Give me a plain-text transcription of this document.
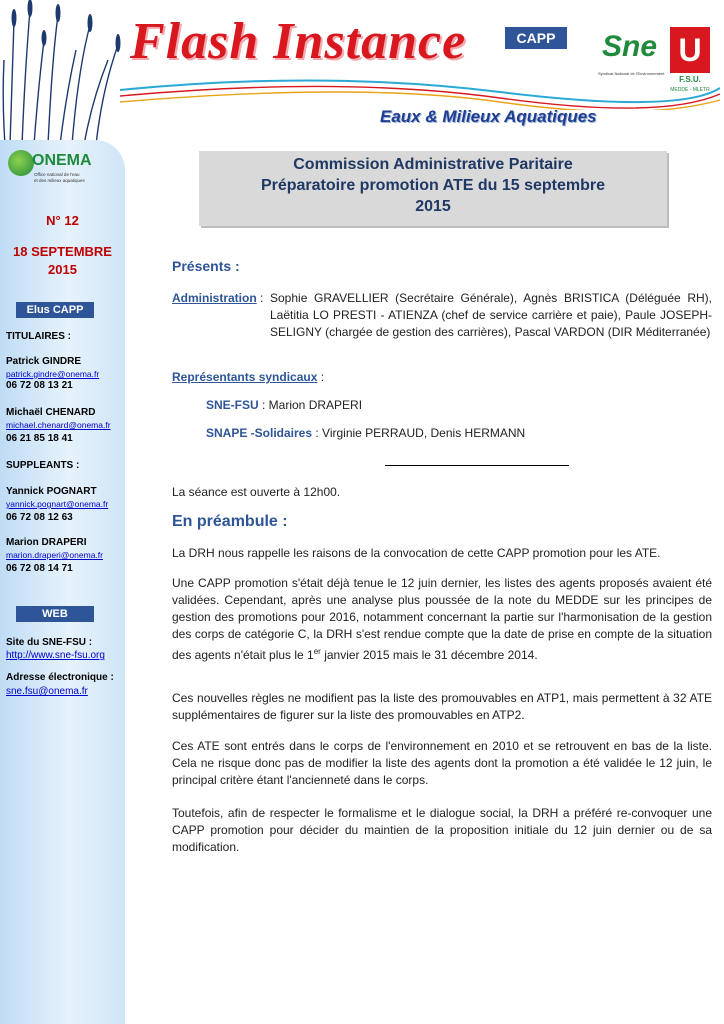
Flash Instance
Eaux & Milieux Aquatiques
CAPP	Sne U
F.S.U.
Syndicat National de l'Environnement
MEDDE - MLETR
ONEMA
Office national de l'eau
et des milieux aquatiques
N° 12
18 SEPTEMBRE
2015
Elus CAPP
TITULAIRES :
Patrick GINDRE
patrick.gindre@onema.fr
06 72 08 13 21
Michaël CHENARD
michael.chenard@onema.fr
06 21 85 18 41
SUPPLEANTS :
Yannick POGNART
yannick.pognart@onema.fr
06 72 08 12 63
Marion DRAPERI
marion.draperi@onema.fr
06 72 08 14 71
WEB
Site du SNE-FSU :
http://www.sne-fsu.org
Adresse électronique :
sne.fsu@onema.fr
Commission Administrative Paritaire
Préparatoire promotion ATE du 15 septembre
2015
Présents :
Administration : Sophie GRAVELLIER (Secrétaire Générale), Agnès BRISTICA (Déléguée RH), Laëtitia LO PRESTI - ATIENZA (chef de service carrière et paie), Paule JOSEPH-SELIGNY (chargée de gestion des carrières), Pascal VARDON (DIR Méditerranée)
Représentants syndicaux :
SNE-FSU : Marion DRAPERI
SNAPE -Solidaires : Virginie PERRAUD, Denis HERMANN
La séance est ouverte à 12h00.
En préambule :
La DRH nous rappelle les raisons de la convocation de cette CAPP promotion pour les ATE.
Une CAPP promotion s'était déjà tenue le 12 juin dernier, les listes des agents proposés avaient été validées. Cependant, après une analyse plus poussée de la note du MEDDE sur les principes de gestion des promotions pour 2016, notamment concernant la partie sur l'harmonisation de la gestion des corps de catégorie C, la DRH s'est rendue compte que la date de prise en compte de la situation des agents n'était plus le 1er janvier 2015 mais le 31 décembre 2014.
Ces nouvelles règles ne modifient pas la liste des promouvables en ATP1, mais permettent à 32 ATE supplémentaires de figurer sur la liste des promouvables en ATP2.
Ces ATE sont entrés dans le corps de l'environnement en 2010 et se retrouvent en bas de la liste. Cela ne risque donc pas de modifier la liste des agents dont la promotion a été validée le 12 juin, le principal critère étant l'ancienneté dans le corps.
Toutefois, afin de respecter le formalisme et le dialogue social, la DRH a préféré re-convoquer une CAPP promotion pour décider du maintien de la proposition initiale du 12 juin dernier ou de sa modification.
